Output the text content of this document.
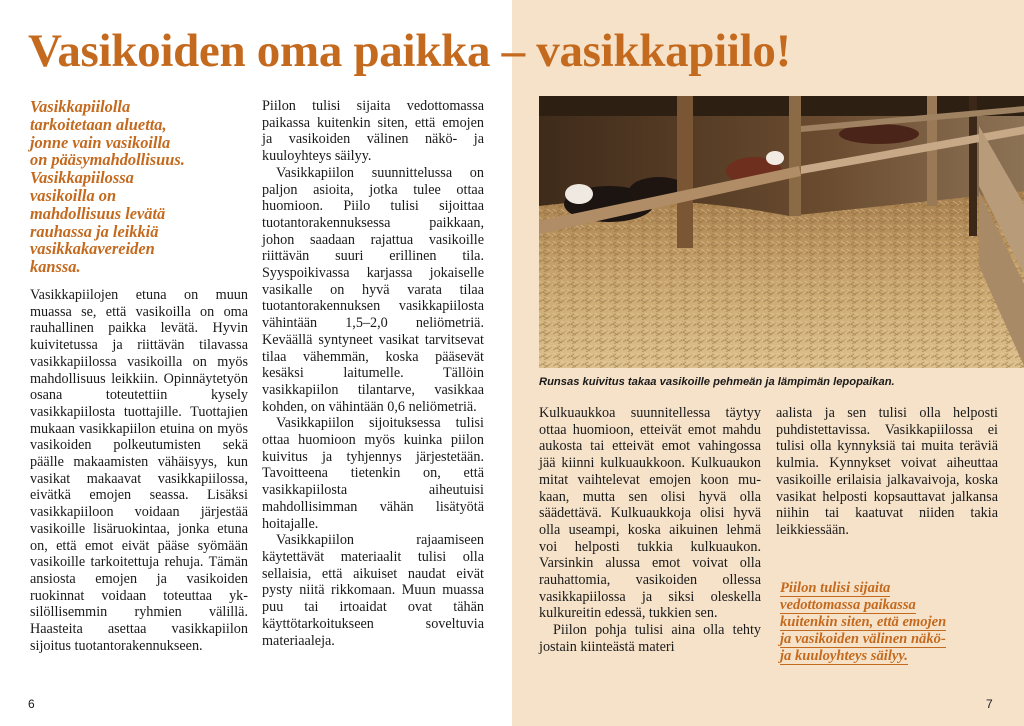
Vasikoiden oma paikka – vasikkapiilo!
Vasikkapiilolla
tarkoitetaan aluetta,
jonne vain vasikoilla
on pääsymahdollisuus.
Vasikkapiilossa
vasikoilla on
mahdollisuus levätä
rauhassa ja leikkiä
vasikkakavereiden
kanssa.

Vasikkapiilojen etuna on muun muassa se, että vasikoilla on oma rauhallinen paikka levätä. Hyvin kuivitetussa ja riittävän tilavassa vasikkapiilossa vasikoilla on myös mahdollisuus leikkiin. Opinnäytetyön osana toteutettiin kysely vasikkapiilosta tuottajille. Tuottajien mukaan vasikkapiilon etuina on myös vasikoiden polkeutumisten sekä päälle makaamisten vähäisyys, kun vasikat makaavat vasikkapiilossa, eivätkä emojen seassa. Lisäksi vasikkapiiloon voidaan järjestää vasikoille lisäruokintaa, jonka etuna on, että emot eivät pääse syömään vasikoille tarkoitettuja rehuja. Tämän ansiosta emojen ja vasikoiden ruokinnat voidaan toteuttaa yksilöllisemmin ryhmien välillä. Haasteita asettaa vasikkapiilon sijoitus tuotantorakennukseen.

Piilon tulisi sijaita vedottomassa paikassa kuitenkin siten, että emojen ja vasikoiden välinen näkö- ja kuuloyhteys säilyy.

Vasikkapiilon suunnittelussa on paljon asioita, jotka tulee ottaa huomioon. Piilo tulisi sijoittaa tuotantorakennuksessa paikkaan, johon saadaan rajattua vasikoille riittävän suuri erillinen tila. Syyspoikivassa karjassa jokaiselle vasikalle on hyvä varata tilaa tuotantorakennuksen vasikkapiilosta vähintään 1,5–2,0 neliömetriä. Keväällä syntyneet vasikat tarvitsevat tilaa vähemmän, koska pääsevät kesäksi laitumelle. Tällöin vasikkapiilon tilantarve, vasikkaa kohden, on vähintään 0,6 neliömetriä.

Vasikkapiilon sijoituksessa tulisi ottaa huomioon myös kuinka piilon kuivitus ja tyhjennys järjestetään. Tavoitteena tietenkin on, että vasikkapiilosta aiheutuisi mahdollisimman vähän lisätyötä hoitajalle.

Vasikkapiilon rajaamiseen käytettävät materiaalit tulisi olla sellaisia, että aikuiset naudat eivät pysty niitä rikkomaan. Muun muassa puu tai irtoaidat ovat tähän käyttötarkoitukseen soveltuvia materiaaleja.

Runsas kuivitus takaa vasikoille pehmeän ja lämpimän lepopaikan.

Kulkuaukkoa suunnitellessa täytyy ottaa huomioon, etteivät emot mahdu aukosta tai etteivät emot vahingossa jää kiinni kulkuaukkoon. Kulkuaukon mitat vaihtelevat emojen koon mukaan, mutta sen olisi hyvä olla säädettävä. Kulkuaukkoja olisi hyvä olla useampi, koska aikuinen lehmä voi helposti tukkia kulkuaukon. Varsinkin alussa emot voivat olla rauhattomia, vasikoiden ollessa vasikkapiilossa ja siksi oleskella kulkureitin edessä, tukkien sen.

Piilon pohja tulisi aina olla tehty jostain kiinteästä materi

aalista ja sen tulisi olla helposti puhdistettavissa. Vasikkapiilossa ei tulisi olla kynnyksiä tai muita teräviä kulmia. Kynnykset voivat aiheuttaa vasikoille erilaisia jalkavaivoja, koska vasikat helposti kopsauttavat jalkansa niihin tai kaatuvat niiden takia leikkiessään.

Piilon tulisi sijaita
vedottomassa paikassa
kuitenkin siten, että emojen
ja vasikoiden välinen näkö-
ja kuuloyhteys säilyy.

6	7
